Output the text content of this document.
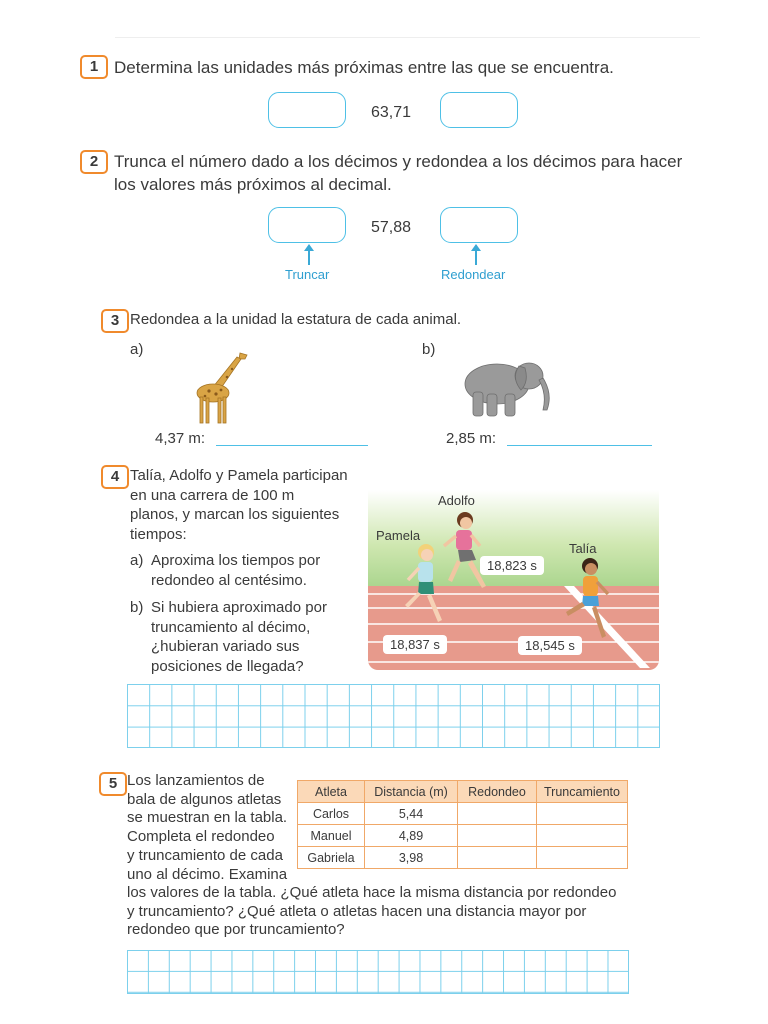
1 Determina las unidades más próximas entre las que se encuentra.
63,71
2 Trunca el número dado a los décimos y redondea a los décimos para hacer
los valores más próximos al decimal.
57,88
Truncar	Redondear
3 Redondea a la unidad la estatura de cada animal.
a)	b)
4,37 m:	2,85 m:
4 Talía, Adolfo y Pamela participan
en una carrera de 100 m
planos, y marcan los siguientes
tiempos:
a) Aproxima los tiempos por
redondeo al centésimo.
b) Si hubiera aproximado por
truncamiento al décimo,
¿hubieran variado sus
posiciones de llegada?
Adolfo
Pamela
Talía
18,823 s
18,837 s	18,545 s
5 Los lanzamientos de
bala de algunos atletas
se muestran en la tabla.
Completa el redondeo
y truncamiento de cada
uno al décimo. Examina
los valores de la tabla. ¿Qué atleta hace la misma distancia por redondeo
y truncamiento? ¿Qué atleta o atletas hacen una distancia mayor por
redondeo que por truncamiento?
Atleta	Distancia (m)	Redondeo	Truncamiento
Carlos	5,44		
Manuel	4,89		
Gabriela	3,98		
